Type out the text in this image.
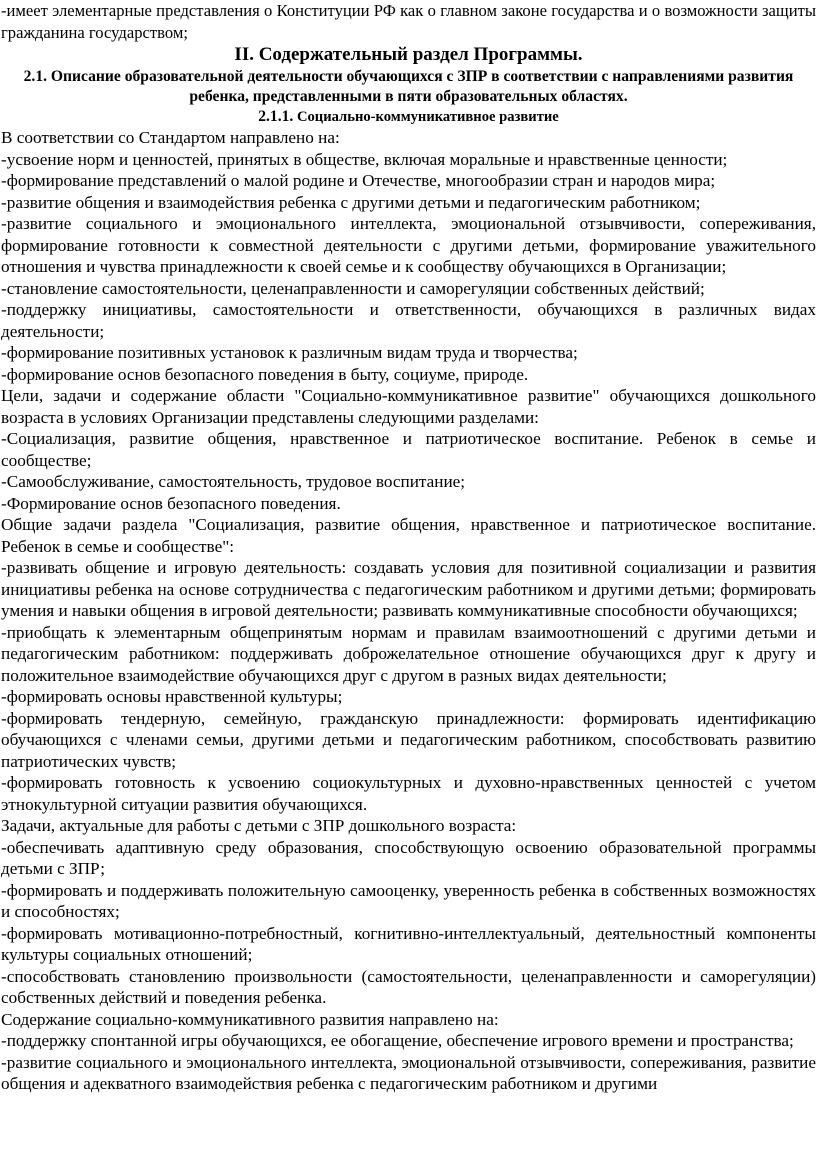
-имеет элементарные представления о Конституции РФ как о главном законе государства и о возможности защиты гражданина государством;

II. Содержательный раздел Программы.
2.1. Описание образовательной деятельности обучающихся с ЗПР в соответствии с направлениями развития ребенка, представленными в пяти образовательных областях.
2.1.1. Социально-коммуникативное развитие

В соответствии со Стандартом направлено на:

-усвоение норм и ценностей, принятых в обществе, включая моральные и нравственные ценности;

-формирование представлений о малой родине и Отечестве, многообразии стран и народов мира;

-развитие общения и взаимодействия ребенка с другими детьми и педагогическим работником;

-развитие социального и эмоционального интеллекта, эмоциональной отзывчивости, сопереживания, формирование готовности к совместной деятельности с другими детьми, формирование уважительного отношения и чувства принадлежности к своей семье и к сообществу обучающихся в Организации;

-становление самостоятельности, целенаправленности и саморегуляции собственных действий;

-поддержку инициативы, самостоятельности и ответственности, обучающихся в различных видах деятельности;

-формирование позитивных установок к различным видам труда и творчества;

-формирование основ безопасного поведения в быту, социуме, природе.

Цели, задачи и содержание области "Социально-коммуникативное развитие" обучающихся дошкольного возраста в условиях Организации представлены следующими разделами:

-Социализация, развитие общения, нравственное и патриотическое воспитание. Ребенок в семье и сообществе;

-Самообслуживание, самостоятельность, трудовое воспитание;

-Формирование основ безопасного поведения.

Общие задачи раздела "Социализация, развитие общения, нравственное и патриотическое воспитание. Ребенок в семье и сообществе":

-развивать общение и игровую деятельность: создавать условия для позитивной социализации и развития инициативы ребенка на основе сотрудничества с педагогическим работником и другими детьми; формировать умения и навыки общения в игровой деятельности; развивать коммуникативные способности обучающихся;

-приобщать к элементарным общепринятым нормам и правилам взаимоотношений с другими детьми и педагогическим работником: поддерживать доброжелательное отношение обучающихся друг к другу и положительное взаимодействие обучающихся друг с другом в разных видах деятельности;

-формировать основы нравственной культуры;

-формировать тендерную, семейную, гражданскую принадлежности: формировать идентификацию обучающихся с членами семьи, другими детьми и педагогическим работником, способствовать развитию патриотических чувств;

-формировать готовность к усвоению социокультурных и духовно-нравственных ценностей с учетом этнокультурной ситуации развития обучающихся.

Задачи, актуальные для работы с детьми с ЗПР дошкольного возраста:

-обеспечивать адаптивную среду образования, способствующую освоению образовательной программы детьми с ЗПР;

-формировать и поддерживать положительную самооценку, уверенность ребенка в собственных возможностях и способностях;

-формировать мотивационно-потребностный, когнитивно-интеллектуальный, деятельностный компоненты культуры социальных отношений;

-способствовать становлению произвольности (самостоятельности, целенаправленности и саморегуляции) собственных действий и поведения ребенка.

Содержание социально-коммуникативного развития направлено на:

-поддержку спонтанной игры обучающихся, ее обогащение, обеспечение игрового времени и пространства;

-развитие социального и эмоционального интеллекта, эмоциональной отзывчивости, сопереживания, развитие общения и адекватного взаимодействия ребенка с педагогическим работником и другими
